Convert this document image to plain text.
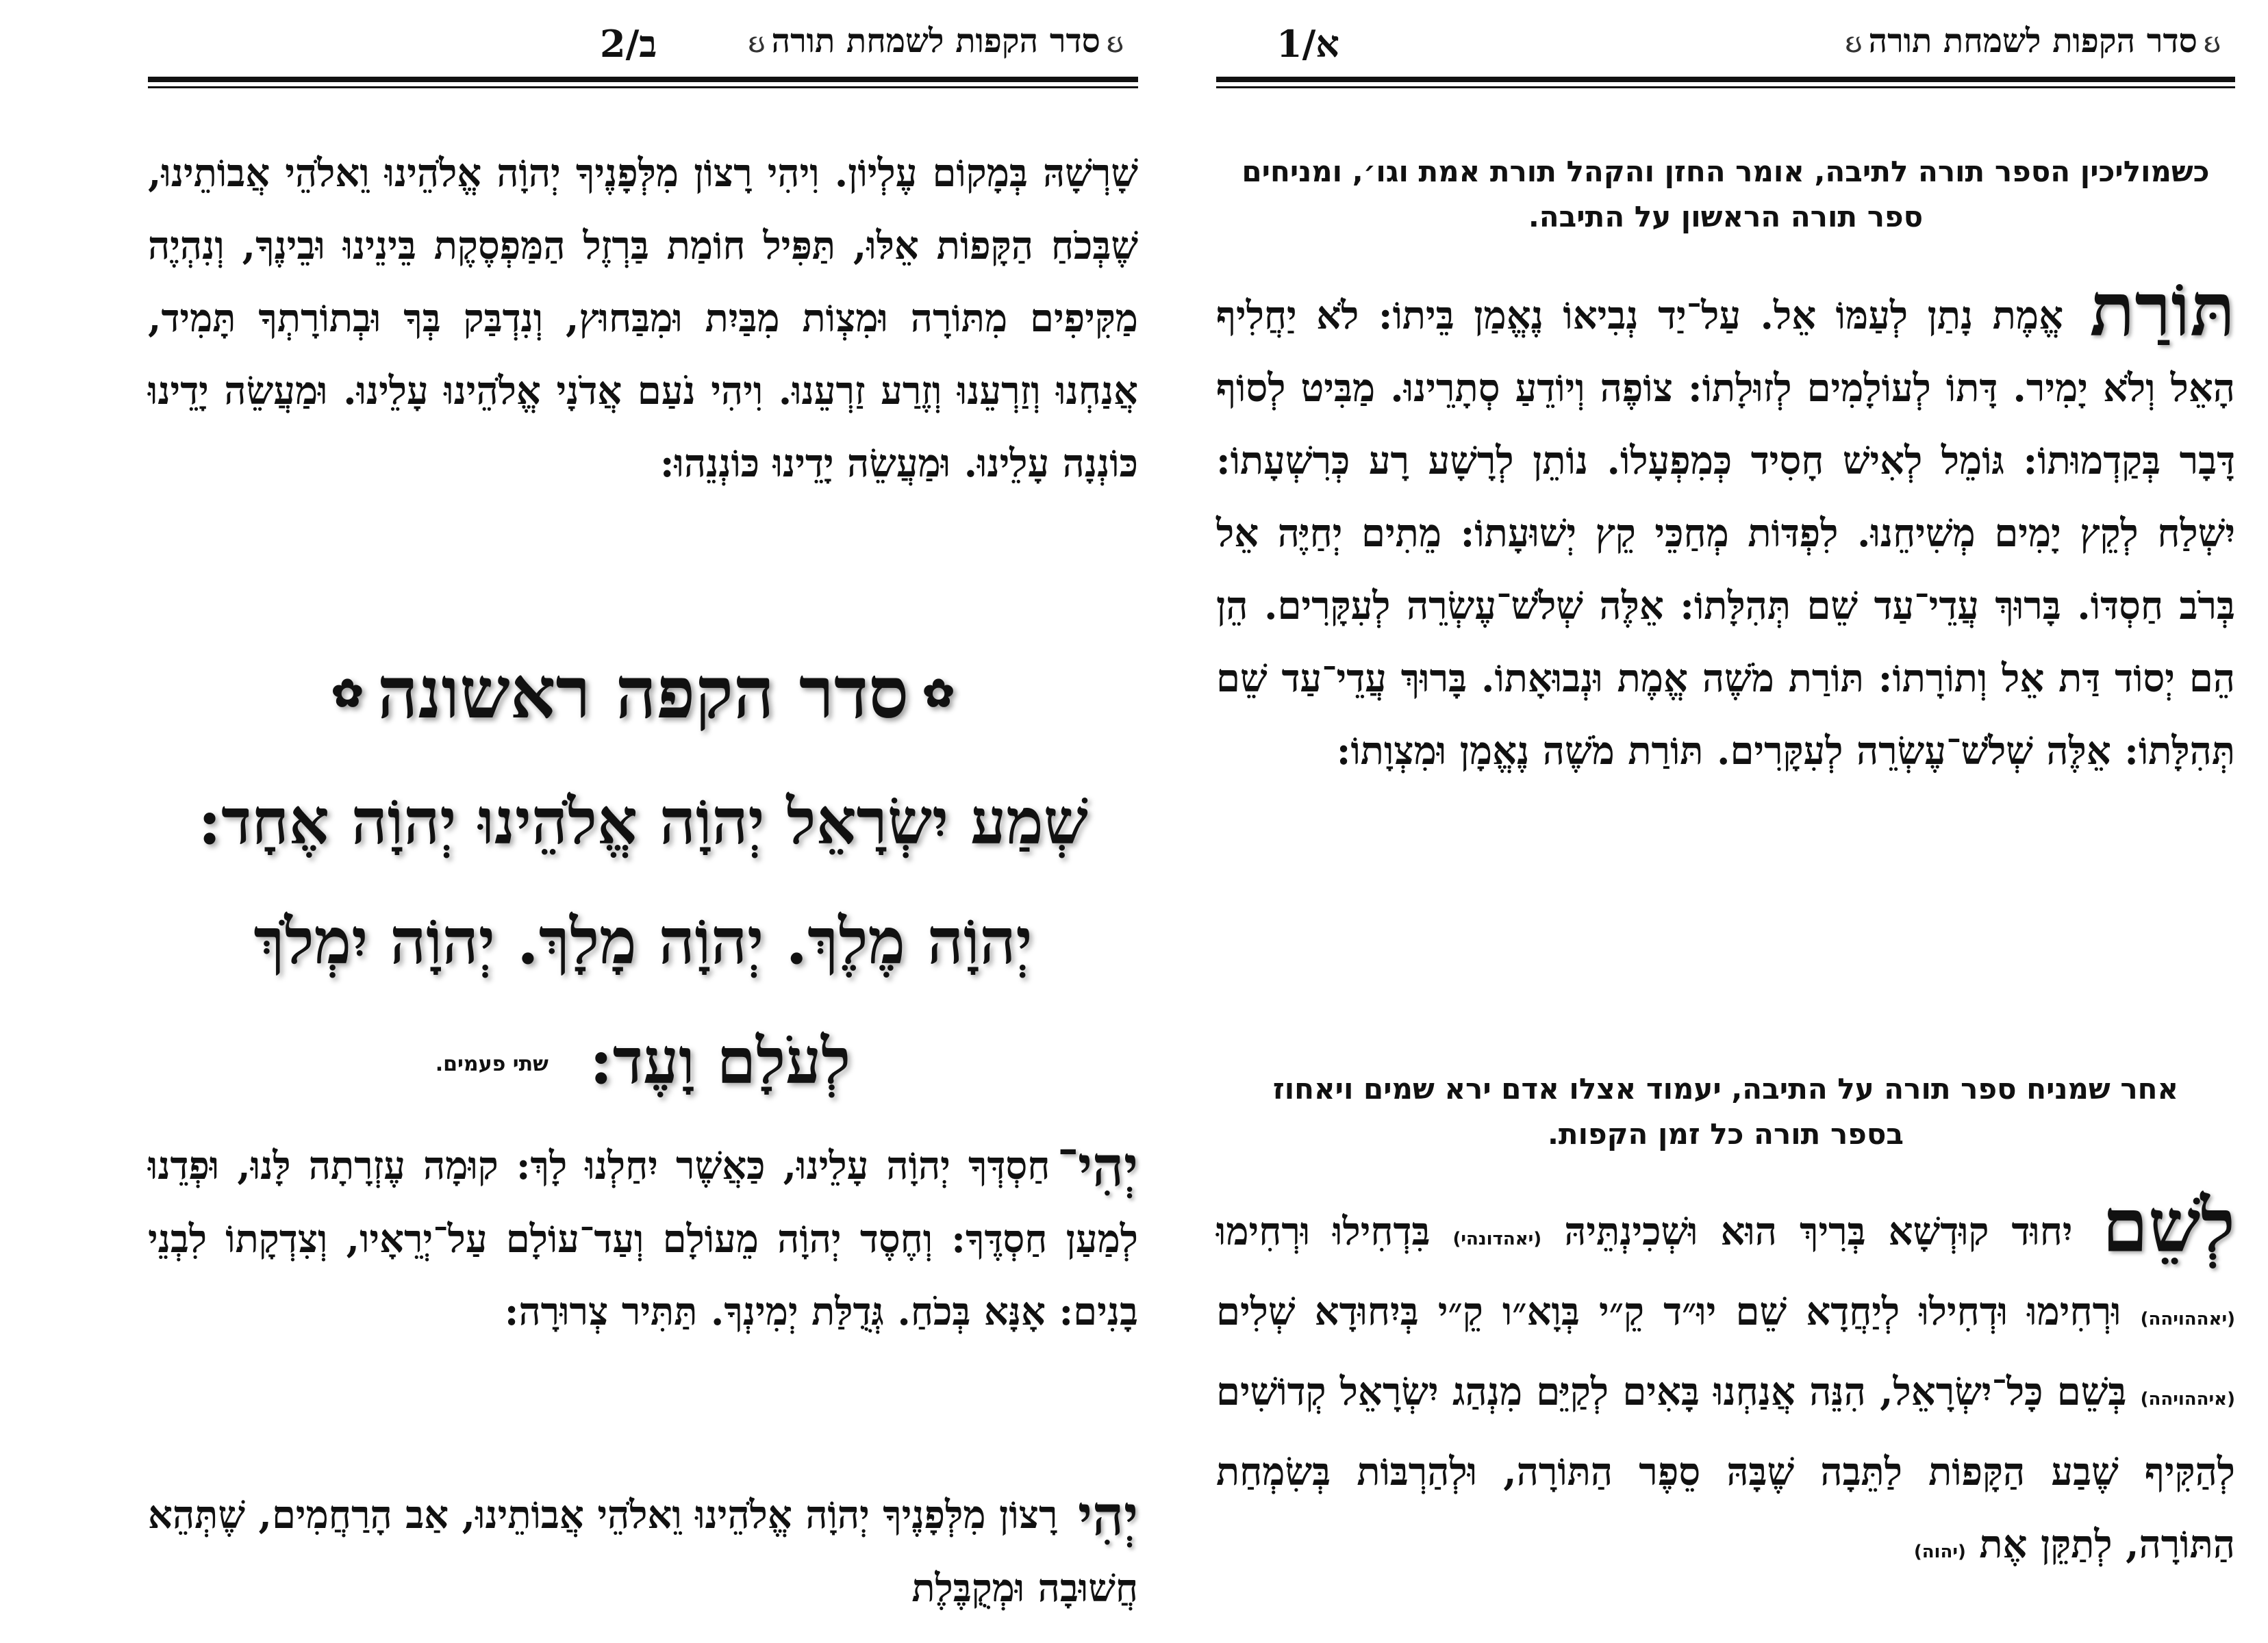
ઇסדר הקפות לשמחת תורהઇ
א/1
כשמוליכין הספר תורה לתיבה, אומר החזן והקהל תורת אמת וגו׳, ומניחים ספר תורה הראשון על התיבה.
תּוֹרַת אֱמֶת נָתַן לְעַמּוֹ אֵל. עַל־יַד נְבִיאוֹ נֶאֱמַן בֵּיתוֹ: לֹא יַחֲלִיף הָאֵל וְלֹא יָמִיר. דָּתוֹ לְעוֹלָמִים לְזוּלָתוֹ: צוֹפֶה וְיוֹדֵעַ סְתָרֵינוּ. מַבִּיט לְסוֹף דָּבָר בְּקַדְמוּתוֹ: גּוֹמֵל לְאִישׁ חָסִיד כְּמִפְעָלוֹ. נוֹתֵן לְרָשָׁע רָע כְּרִשְׁעָתוֹ: יִשְׁלַח לְקֵץ יָמִים מְשִׁיחֵנוּ. לִפְדּוֹת מְחַכֵּי קֵץ יְשׁוּעָתוֹ: מֵתִים יְחַיֶּה אֵל בְּרֹב חַסְדּוֹ. בָּרוּךְ עֲדֵי־עַד שֵׁם תְּהִלָּתוֹ: אֵלֶּה שְׁלֹשׁ־עֶשְׂרֵה לְעִקָּרִים. הֵן הֵם יְסוֹד דַּת אֵל וְתוֹרָתוֹ: תּוֹרַת מֹשֶׁה אֱמֶת וּנְבוּאָתוֹ. בָּרוּךְ עֲדֵי־עַד שֵׁם תְּהִלָּתוֹ: אֵלֶּה שְׁלֹשׁ־עֶשְׂרֵה לְעִקָּרִים. תּוֹרַת מֹשֶׁה נֶאֱמָן וּמִצְוָתוֹ:
אחר שמניח ספר תורה על התיבה, יעמוד אצלו אדם ירא שמים ויאחוז בספר תורה כל זמן הקפות.
לְשֵׁם יִחוּד קוּדְשָׁא בְּרִיךְ הוּא וּשְׁכִינְתֵּיהּ (יאהדונהי) בִּדְחִילוּ וּרְחִימוּ (יאההויהה) וּרְחִימוּ וּדְחִילוּ לְיַחֲדָא שֵׁם יוּ״ד קֵ״י בְּוָא״ו קֵ״י בְּיִחוּדָא שְׁלִים (איההויהה) בְּשֵׁם כָּל־יִשְׂרָאֵל, הִנֵּה אֲנַחְנוּ בָּאִים לְקַיֵּם מִנְהַג יִשְׂרָאֵל קְדוֹשִׁים לְהַקִּיף שֶׁבַע הַקָּפוֹת לַתֵּבָה שֶׁבָּהּ סֵפֶר הַתּוֹרָה, וּלְהַרְבּוֹת בְּשִׂמְחַת הַתּוֹרָה, לְתַקֵּן אֶת (יהוה)
ઇסדר הקפות לשמחת תורהઇ
ב/2
שָׁרְשָׁהּ בְּמָקוֹם עֶלְיוֹן. וִיהִי רָצוֹן מִלְּפָנֶיךָ יְהוָֹה אֱלֹהֵינוּ וֵאלֹהֵי אֲבוֹתֵינוּ, שֶׁבְּכֹחַ הַקָּפוֹת אֵלּוּ, תַּפִּיל חוֹמַת בַּרְזֶל הַמַּפְסֶקֶת בֵּינֵינוּ וּבֵינֶךָ, וְנִהְיֶה מַקִּיפִים מִתּוֹרָה וּמִצְוֹת מִבַּיִת וּמִבַּחוּץ, וְנִדְבַּק בְּךָ וּבְתוֹרָתְךָ תָּמִיד, אֲנַחְנוּ וְזַרְעֵנוּ וְזֶרַע זַרְעֵנוּ. וִיהִי נֹעַם אֲדֹנָי אֱלֹהֵינוּ עָלֵינוּ. וּמַעֲשֵׂה יָדֵינוּ כּוֹנְנָה עָלֵינוּ. וּמַעֲשֵׂה יָדֵינוּ כּוֹנְנֵהוּ:
✿סדר הקפה ראשונה✿
שְׁמַע יִשְׂרָאֵל יְהוָֹה אֱלֹהֵינוּ יְהוָֹה אֶחָד:
יְהוָֹה מֶלֶךְ. יְהוָֹה מָלָךְ. יְהוָֹה יִמְלֹךְ
לְעֹלָם וָעֶד:שתי פעמים.
יְהִי־חַסְדְּךָ יְהוָֹה עָלֵינוּ, כַּאֲשֶׁר יִחַלְנוּ לָךְ: קוּמָה עֶזְרָתָה לָּנוּ, וּפְדֵנוּ לְמַעַן חַסְדֶּךָ: וְחֶסֶד יְהוָֹה מֵעוֹלָם וְעַד־עוֹלָם עַל־יְרֵאָיו, וְצִדְקָתוֹ לִבְנֵי בָנִים: אָנָּא בְּכֹחַ. גְּדֻלַּת יְמִינְךָ. תַּתִּיר צְרוּרָה:
יְהִי רָצוֹן מִלְּפָנֶיךָ יְהוָֹה אֱלֹהֵינוּ וֵאלֹהֵי אֲבוֹתֵינוּ, אַב הָרַחֲמִים, שֶׁתְּהֵא חֲשׁוּבָה וּמְקֻבֶּלֶת
